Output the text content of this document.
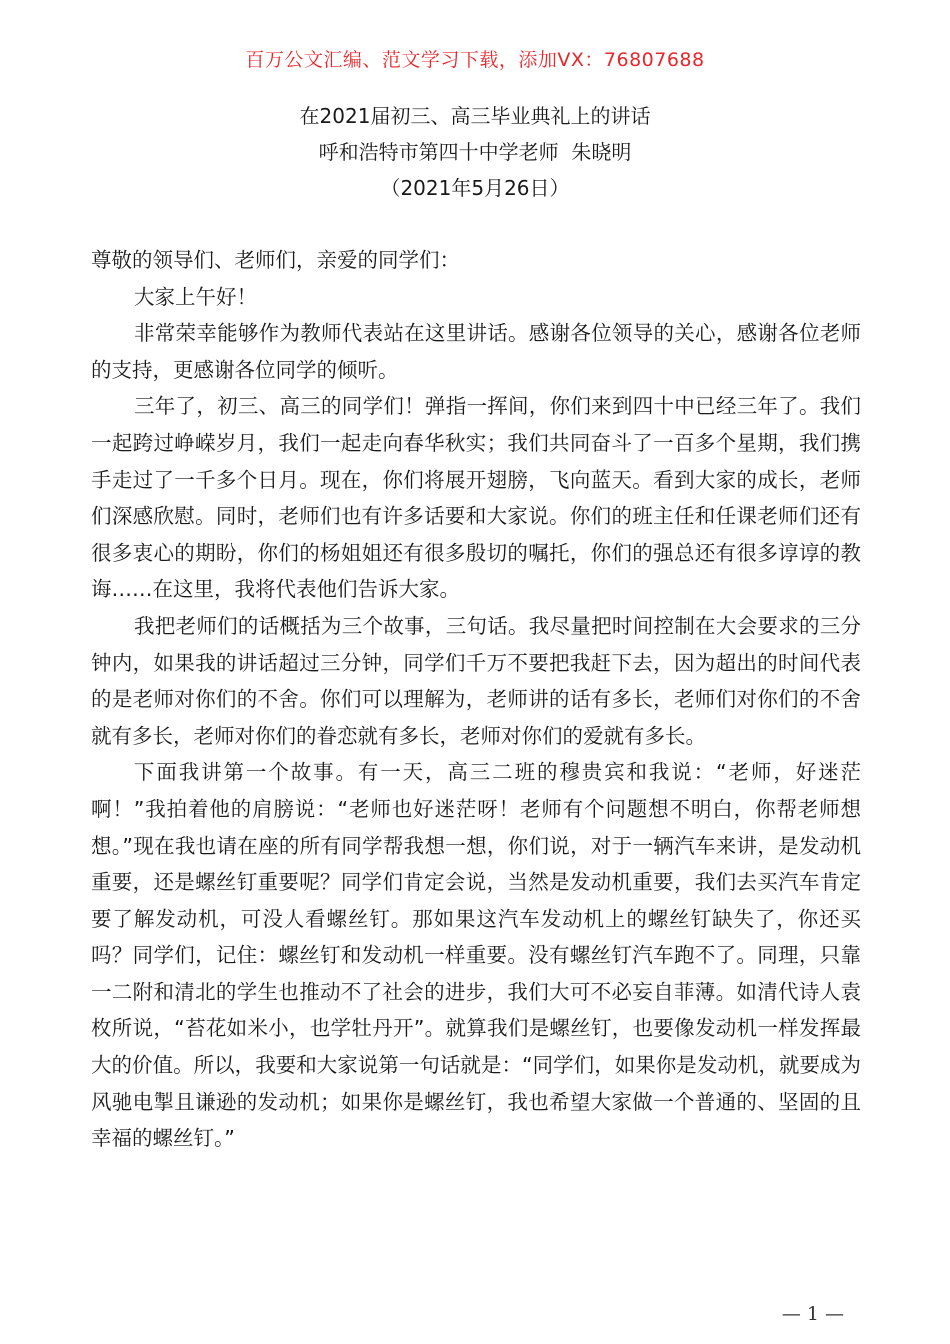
百万公文汇编、范文学习下载，添加VX：76807688
在2021届初三、高三毕业典礼上的讲话
呼和浩特市第四十中学老师  朱晓明
（2021年5月26日）

尊敬的领导们、老师们，亲爱的同学们：

大家上午好！

非常荣幸能够作为教师代表站在这里讲话。感谢各位领导的关心，感谢各位老师的支持，更感谢各位同学的倾听。

三年了，初三、高三的同学们！弹指一挥间，你们来到四十中已经三年了。我们一起跨过峥嵘岁月，我们一起走向春华秋实；我们共同奋斗了一百多个星期，我们携手走过了一千多个日月。现在，你们将展开翅膀，飞向蓝天。看到大家的成长，老师们深感欣慰。同时，老师们也有许多话要和大家说。你们的班主任和任课老师们还有很多衷心的期盼，你们的杨姐姐还有很多殷切的嘱托，你们的强总还有很多谆谆的教诲……在这里，我将代表他们告诉大家。

我把老师们的话概括为三个故事，三句话。我尽量把时间控制在大会要求的三分钟内，如果我的讲话超过三分钟，同学们千万不要把我赶下去，因为超出的时间代表的是老师对你们的不舍。你们可以理解为，老师讲的话有多长，老师们对你们的不舍就有多长，老师对你们的眷恋就有多长，老师对你们的爱就有多长。

下面我讲第一个故事。有一天，高三二班的穆贵宾和我说：“老师，好迷茫啊！”我拍着他的肩膀说：“老师也好迷茫呀！老师有个问题想不明白，你帮老师想想。”现在我也请在座的所有同学帮我想一想，你们说，对于一辆汽车来讲，是发动机重要，还是螺丝钉重要呢？同学们肯定会说，当然是发动机重要，我们去买汽车肯定要了解发动机，可没人看螺丝钉。那如果这汽车发动机上的螺丝钉缺失了，你还买吗？同学们，记住：螺丝钉和发动机一样重要。没有螺丝钉汽车跑不了。同理，只靠一二附和清北的学生也推动不了社会的进步，我们大可不必妄自菲薄。如清代诗人袁枚所说，“苔花如米小，也学牡丹开”。就算我们是螺丝钉，也要像发动机一样发挥最大的价值。所以，我要和大家说第一句话就是：“同学们，如果你是发动机，就要成为风驰电掣且谦逊的发动机；如果你是螺丝钉，我也希望大家做一个普通的、坚固的且幸福的螺丝钉。”

— 1 —
